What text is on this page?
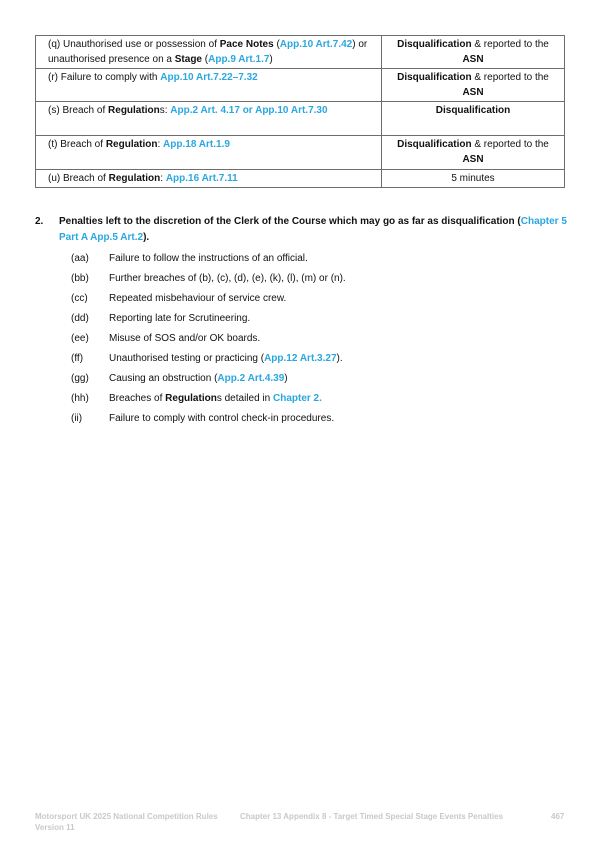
(q) Unauthorised use or possession of Pace Notes (App.10 Art.7.42) or unauthorised presence on a Stage (App.9 Art.1.7)	Disqualification & reported to the ASN
(r) Failure to comply with App.10 Art.7.22–7.32	Disqualification & reported to the ASN
(s) Breach of Regulations: App.2 Art. 4.17 or App.10 Art.7.30	Disqualification
(t) Breach of Regulation: App.18 Art.1.9	Disqualification & reported to the ASN
(u) Breach of Regulation: App.16 Art.7.11	5 minutes
2. Penalties left to the discretion of the Clerk of the Course which may go as far as disqualification (Chapter 5 Part A App.5 Art.2).
(aa) Failure to follow the instructions of an official.
(bb) Further breaches of (b), (c), (d), (e), (k), (l), (m) or (n).
(cc) Repeated misbehaviour of service crew.
(dd) Reporting late for Scrutineering.
(ee) Misuse of SOS and/or OK boards.
(ff)	Unauthorised testing or practicing (App.12 Art.3.27).
(gg) Causing an obstruction (App.2 Art.4.39)
(hh) Breaches of Regulations detailed in Chapter 2.
(ii)	Failure to comply with control check-in procedures.
Motorsport UK 2025 National Competition Rules
Version 11
Chapter 13 Appendix 8 - Target Timed Special Stage Events Penalties	467
